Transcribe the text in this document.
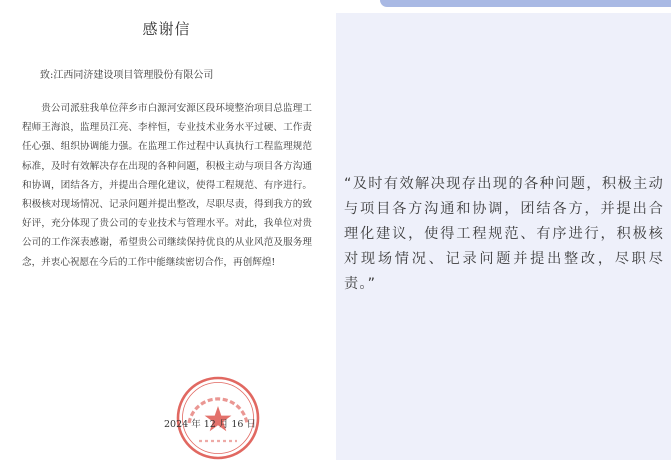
感谢信
致:江西同济建设项目管理股份有限公司

贵公司派驻我单位萍乡市白源河安源区段环境整治项目总监理工程师王海浪，监理员江亮、李梓恒，专业技术业务水平过硬、工作责任心强、组织协调能力强。在监理工作过程中认真执行工程监理规范标准，及时有效解决存在出现的各种问题，积极主动与项目各方沟通和协调，团结各方，并提出合理化建议，使得工程规范、有序进行。积极核对现场情况、记录问题并提出整改，尽职尽责，得到我方的致好评，充分体现了贵公司的专业技术与管理水平。对此，我单位对贵公司的工作深表感谢，希望贵公司继续保持优良的从业风范及服务理念，并衷心祝愿在今后的工作中能继续密切合作，再创辉煌!

2024 年 12 月 16 日

“及时有效解决现存出现的各种问题，积极主动与项目各方沟通和协调，团结各方，并提出合理化建议，使得工程规范、有序进行，积极核对现场情况、记录问题并提出整改，尽职尽责。”
